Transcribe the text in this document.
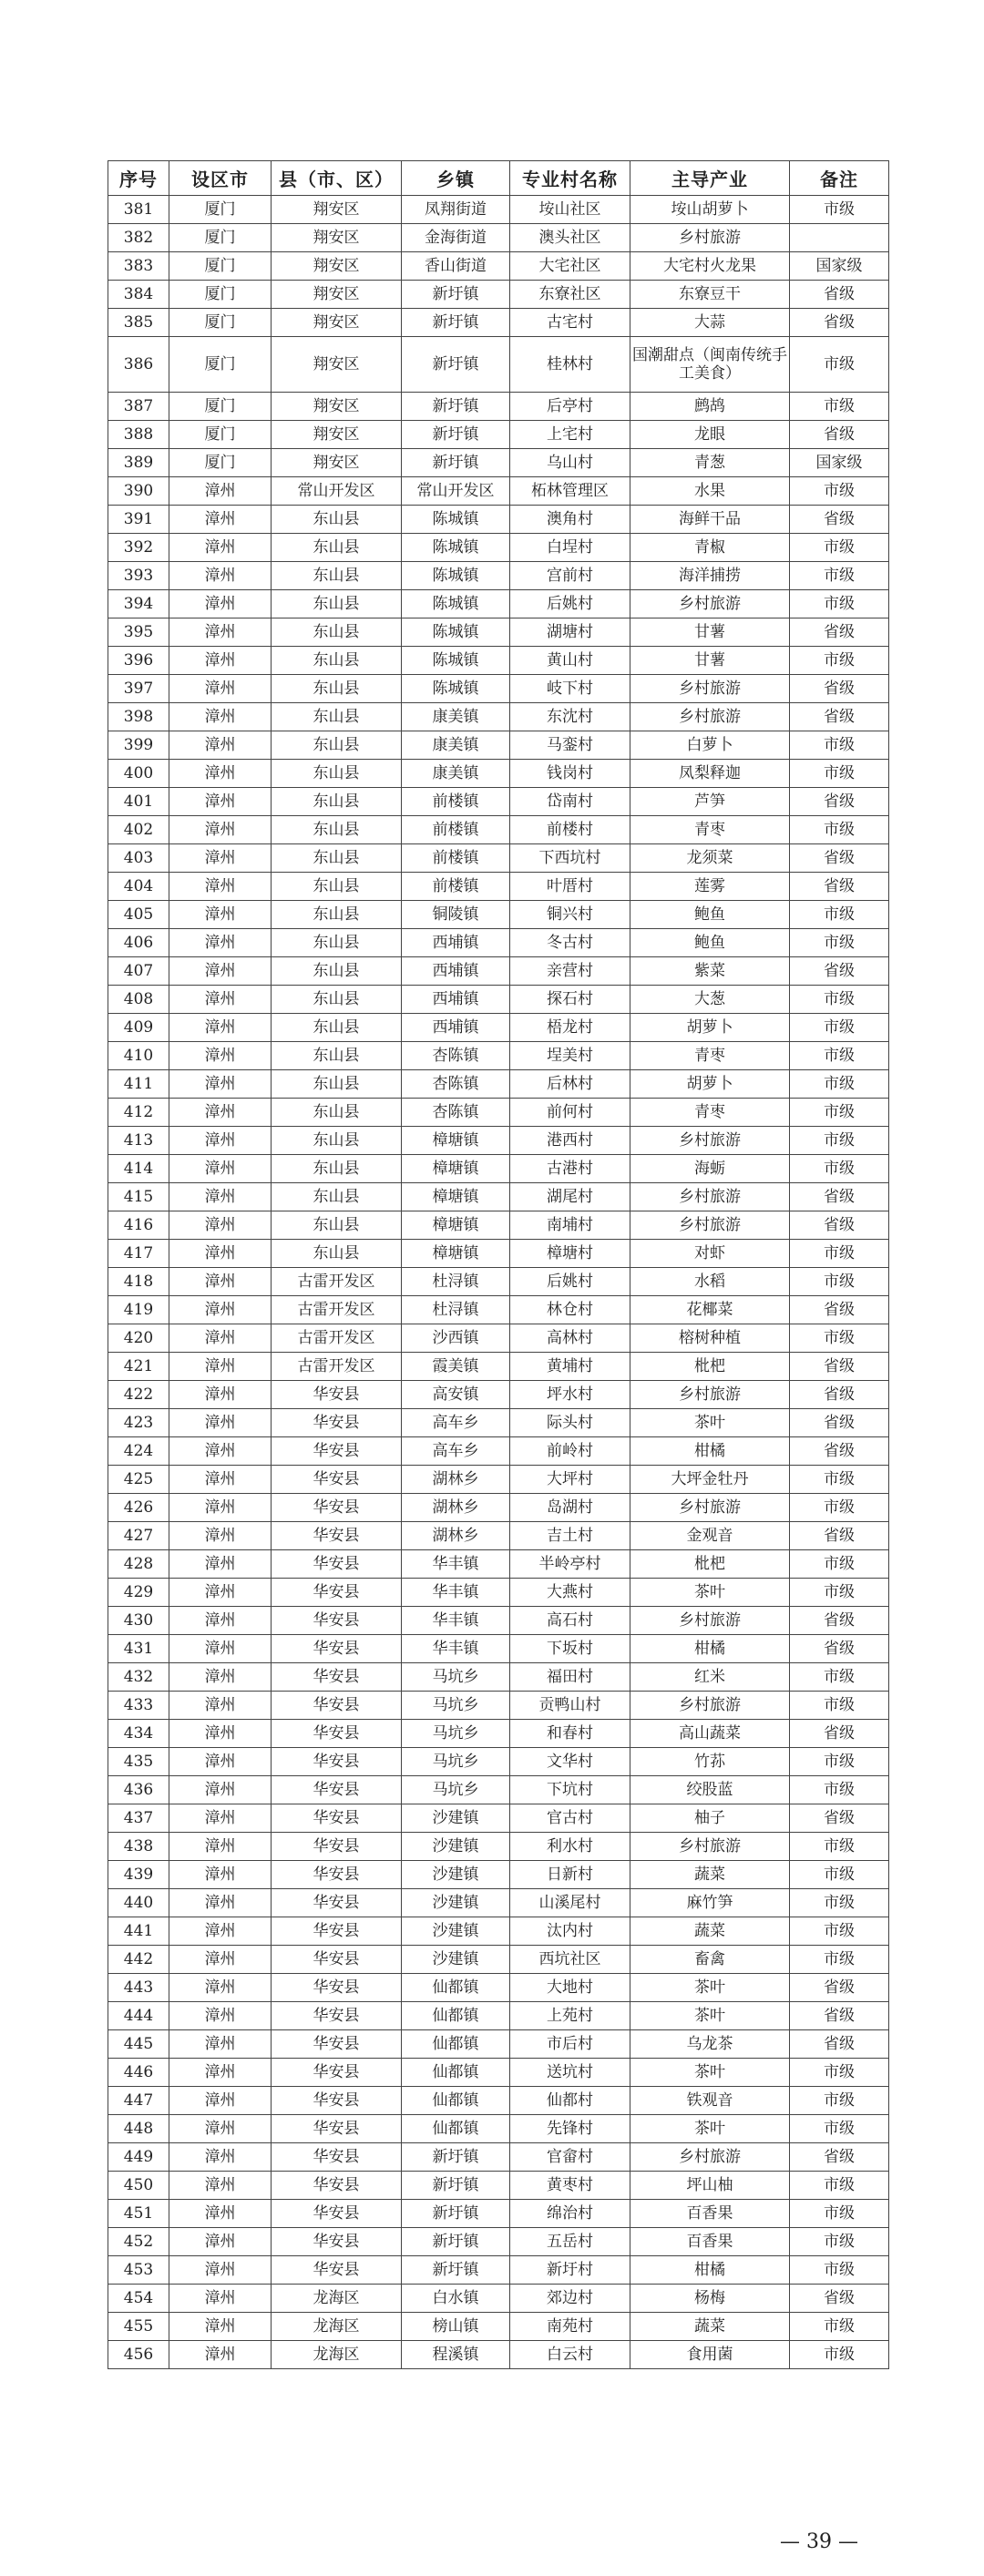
序号	设区市	县（市、区）	乡镇	专业村名称	主导产业	备注
381	厦门	翔安区	凤翔街道	垵山社区	垵山胡萝卜	市级
382	厦门	翔安区	金海街道	澳头社区	乡村旅游	
383	厦门	翔安区	香山街道	大宅社区	大宅村火龙果	国家级
384	厦门	翔安区	新圩镇	东寮社区	东寮豆干	省级
385	厦门	翔安区	新圩镇	古宅村	大蒜	省级
386	厦门	翔安区	新圩镇	桂林村	国潮甜点（闽南传统手工美食）	市级
387	厦门	翔安区	新圩镇	后亭村	鹧鸪	市级
388	厦门	翔安区	新圩镇	上宅村	龙眼	省级
389	厦门	翔安区	新圩镇	乌山村	青葱	国家级
390	漳州	常山开发区	常山开发区	柘林管理区	水果	市级
391	漳州	东山县	陈城镇	澳角村	海鲜干品	省级
392	漳州	东山县	陈城镇	白埕村	青椒	市级
393	漳州	东山县	陈城镇	宫前村	海洋捕捞	市级
394	漳州	东山县	陈城镇	后姚村	乡村旅游	市级
395	漳州	东山县	陈城镇	湖塘村	甘薯	省级
396	漳州	东山县	陈城镇	黄山村	甘薯	市级
397	漳州	东山县	陈城镇	岐下村	乡村旅游	省级
398	漳州	东山县	康美镇	东沈村	乡村旅游	省级
399	漳州	东山县	康美镇	马銮村	白萝卜	市级
400	漳州	东山县	康美镇	钱岗村	凤梨释迦	市级
401	漳州	东山县	前楼镇	岱南村	芦笋	省级
402	漳州	东山县	前楼镇	前楼村	青枣	市级
403	漳州	东山县	前楼镇	下西坑村	龙须菜	省级
404	漳州	东山县	前楼镇	叶厝村	莲雾	省级
405	漳州	东山县	铜陵镇	铜兴村	鲍鱼	市级
406	漳州	东山县	西埔镇	冬古村	鲍鱼	市级
407	漳州	东山县	西埔镇	亲营村	紫菜	省级
408	漳州	东山县	西埔镇	探石村	大葱	市级
409	漳州	东山县	西埔镇	梧龙村	胡萝卜	市级
410	漳州	东山县	杏陈镇	埕美村	青枣	市级
411	漳州	东山县	杏陈镇	后林村	胡萝卜	市级
412	漳州	东山县	杏陈镇	前何村	青枣	市级
413	漳州	东山县	樟塘镇	港西村	乡村旅游	市级
414	漳州	东山县	樟塘镇	古港村	海蛎	市级
415	漳州	东山县	樟塘镇	湖尾村	乡村旅游	省级
416	漳州	东山县	樟塘镇	南埔村	乡村旅游	省级
417	漳州	东山县	樟塘镇	樟塘村	对虾	市级
418	漳州	古雷开发区	杜浔镇	后姚村	水稻	市级
419	漳州	古雷开发区	杜浔镇	林仓村	花椰菜	省级
420	漳州	古雷开发区	沙西镇	高林村	榕树种植	市级
421	漳州	古雷开发区	霞美镇	黄埔村	枇杷	省级
422	漳州	华安县	高安镇	坪水村	乡村旅游	省级
423	漳州	华安县	高车乡	际头村	茶叶	省级
424	漳州	华安县	高车乡	前岭村	柑橘	省级
425	漳州	华安县	湖林乡	大坪村	大坪金牡丹	市级
426	漳州	华安县	湖林乡	岛湖村	乡村旅游	市级
427	漳州	华安县	湖林乡	吉土村	金观音	省级
428	漳州	华安县	华丰镇	半岭亭村	枇杷	市级
429	漳州	华安县	华丰镇	大燕村	茶叶	市级
430	漳州	华安县	华丰镇	高石村	乡村旅游	省级
431	漳州	华安县	华丰镇	下坂村	柑橘	省级
432	漳州	华安县	马坑乡	福田村	红米	市级
433	漳州	华安县	马坑乡	贡鸭山村	乡村旅游	市级
434	漳州	华安县	马坑乡	和春村	高山蔬菜	省级
435	漳州	华安县	马坑乡	文华村	竹荪	市级
436	漳州	华安县	马坑乡	下坑村	绞股蓝	市级
437	漳州	华安县	沙建镇	官古村	柚子	省级
438	漳州	华安县	沙建镇	利水村	乡村旅游	市级
439	漳州	华安县	沙建镇	日新村	蔬菜	市级
440	漳州	华安县	沙建镇	山溪尾村	麻竹笋	市级
441	漳州	华安县	沙建镇	汰内村	蔬菜	市级
442	漳州	华安县	沙建镇	西坑社区	畜禽	市级
443	漳州	华安县	仙都镇	大地村	茶叶	省级
444	漳州	华安县	仙都镇	上苑村	茶叶	省级
445	漳州	华安县	仙都镇	市后村	乌龙茶	省级
446	漳州	华安县	仙都镇	送坑村	茶叶	市级
447	漳州	华安县	仙都镇	仙都村	铁观音	市级
448	漳州	华安县	仙都镇	先锋村	茶叶	市级
449	漳州	华安县	新圩镇	官畲村	乡村旅游	省级
450	漳州	华安县	新圩镇	黄枣村	坪山柚	市级
451	漳州	华安县	新圩镇	绵治村	百香果	市级
452	漳州	华安县	新圩镇	五岳村	百香果	市级
453	漳州	华安县	新圩镇	新圩村	柑橘	市级
454	漳州	龙海区	白水镇	郊边村	杨梅	省级
455	漳州	龙海区	榜山镇	南苑村	蔬菜	市级
456	漳州	龙海区	程溪镇	白云村	食用菌	市级
— 39 —
